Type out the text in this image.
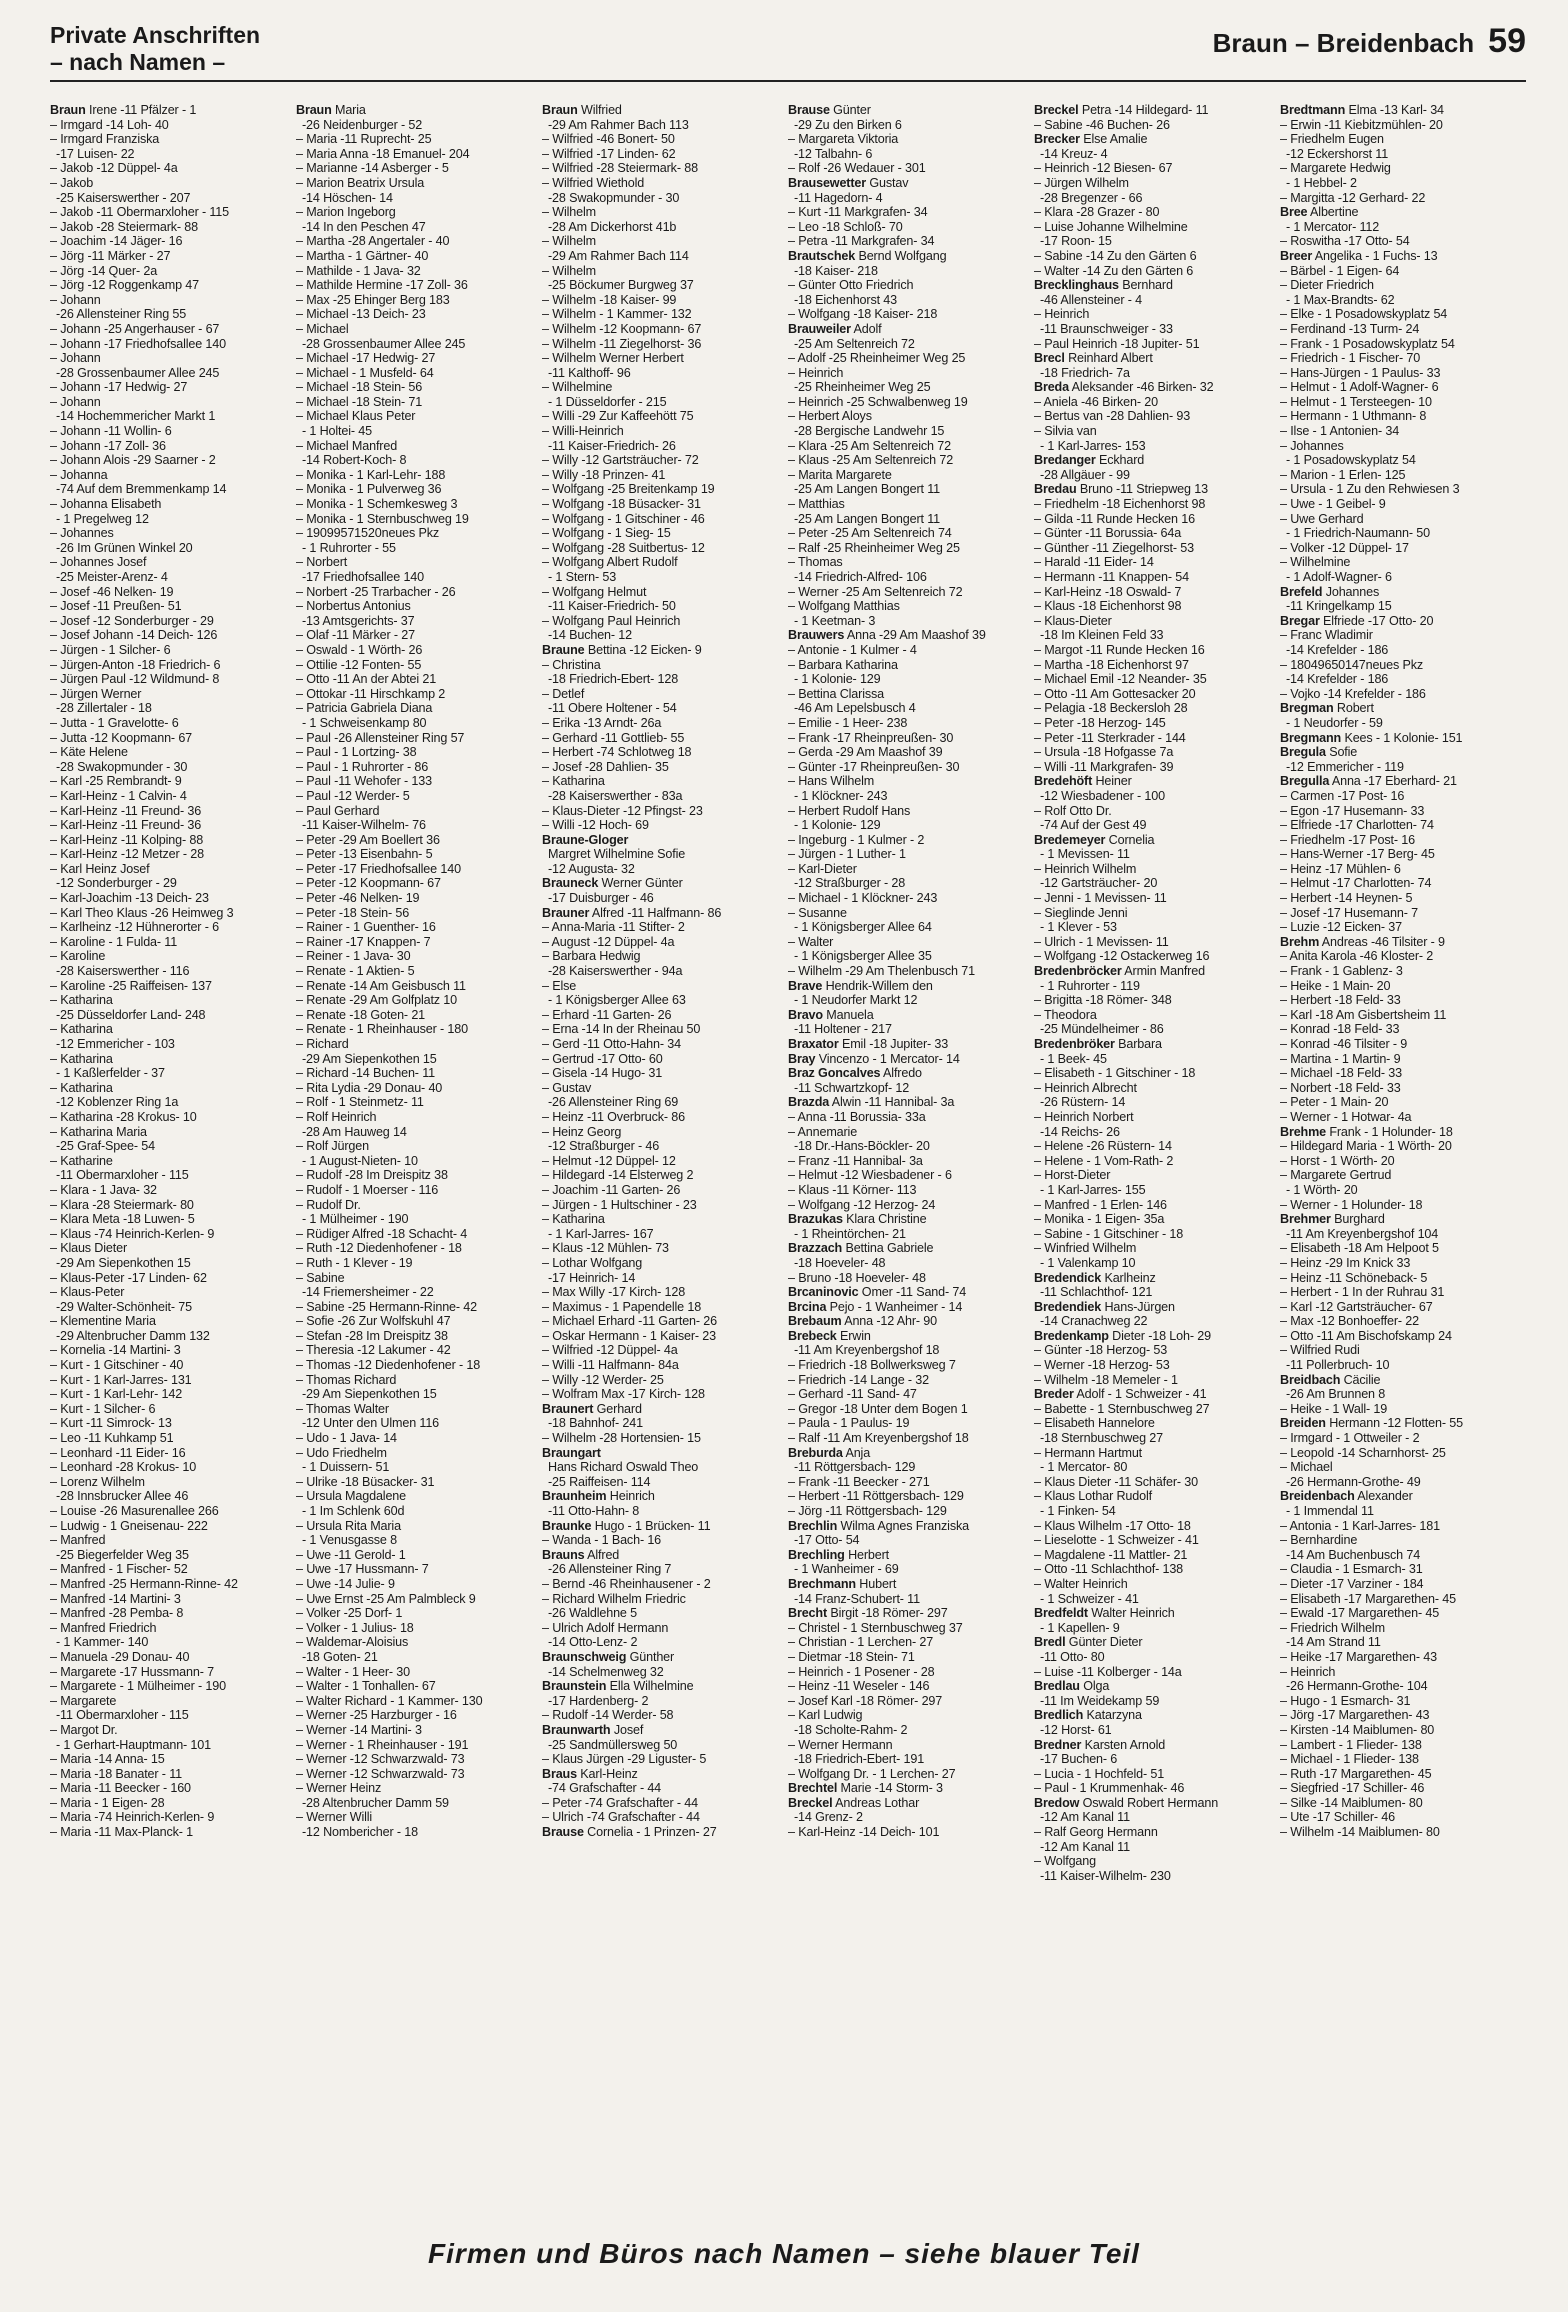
Private Anschriften
– nach Namen –
Braun – Breidenbach 59
Braun Irene -11 Pfälzer - 1
– Irmgard -14 Loh- 40
– Irmgard Franziska
-17 Luisen- 22
– Jakob -12 Düppel- 4a
– Jakob
-25 Kaiserswerther - 207
– Jakob -11 Obermarxloher - 115
– Jakob -28 Steiermark- 88
– Joachim -14 Jäger- 16
– Jörg -11 Märker - 27
– Jörg -14 Quer- 2a
– Jörg -12 Roggenkamp 47
– Johann
-26 Allensteiner Ring 55
– Johann -25 Angerhauser - 67
– Johann -17 Friedhofsallee 140
– Johann
-28 Grossenbaumer Allee 245
– Johann -17 Hedwig- 27
– Johann
-14 Hochemmericher Markt 1
– Johann -11 Wollin- 6
– Johann -17 Zoll- 36
– Johann Alois -29 Saarner - 2
– Johanna
-74 Auf dem Bremmenkamp 14
– Johanna Elisabeth
- 1 Pregelweg 12
– Johannes
-26 Im Grünen Winkel 20
– Johannes Josef
-25 Meister-Arenz- 4
– Josef -46 Nelken- 19
– Josef -11 Preußen- 51
– Josef -12 Sonderburger - 29
– Josef Johann -14 Deich- 126
– Jürgen - 1 Silcher- 6
– Jürgen-Anton -18 Friedrich- 6
– Jürgen Paul -12 Wildmund- 8
– Jürgen Werner
-28 Zillertaler - 18
– Jutta - 1 Gravelotte- 6
– Jutta -12 Koopmann- 67
– Käte Helene
-28 Swakopmunder - 30
– Karl -25 Rembrandt- 9
– Karl-Heinz - 1 Calvin- 4
– Karl-Heinz -11 Freund- 36
– Karl-Heinz -11 Freund- 36
– Karl-Heinz -11 Kolping- 88
– Karl-Heinz -12 Metzer - 28
– Karl Heinz Josef
-12 Sonderburger - 29
– Karl-Joachim -13 Deich- 23
– Karl Theo Klaus -26 Heimweg 3
– Karlheinz -12 Hühnerorter - 6
– Karoline - 1 Fulda- 11
– Karoline
-28 Kaiserswerther - 116
– Karoline -25 Raiffeisen- 137
– Katharina
-25 Düsseldorfer Land- 248
– Katharina
-12 Emmericher - 103
– Katharina
- 1 Kaßlerfelder - 37
– Katharina
-12 Koblenzer Ring 1a
– Katharina -28 Krokus- 10
– Katharina Maria
-25 Graf-Spee- 54
– Katharine
-11 Obermarxloher - 115
– Klara - 1 Java- 32
– Klara -28 Steiermark- 80
– Klara Meta -18 Luwen- 5
– Klaus -74 Heinrich-Kerlen- 9
– Klaus Dieter
-29 Am Siepenkothen 15
– Klaus-Peter -17 Linden- 62
– Klaus-Peter
-29 Walter-Schönheit- 75
– Klementine Maria
-29 Altenbrucher Damm 132
– Kornelia -14 Martini- 3
– Kurt - 1 Gitschiner - 40
– Kurt - 1 Karl-Jarres- 131
– Kurt - 1 Karl-Lehr- 142
– Kurt - 1 Silcher- 6
– Kurt -11 Simrock- 13
– Leo -11 Kuhkamp 51
– Leonhard -11 Eider- 16
– Leonhard -28 Krokus- 10
– Lorenz Wilhelm
-28 Innsbrucker Allee 46
– Louise -26 Masurenallee 266
– Ludwig - 1 Gneisenau- 222
– Manfred
-25 Biegerfelder Weg 35
– Manfred - 1 Fischer- 52
– Manfred -25 Hermann-Rinne- 42
– Manfred -14 Martini- 3
– Manfred -28 Pemba- 8
– Manfred Friedrich
- 1 Kammer- 140
– Manuela -29 Donau- 40
– Margarete -17 Hussmann- 7
– Margarete - 1 Mülheimer - 190
– Margarete
-11 Obermarxloher - 115
– Margot Dr.
- 1 Gerhart-Hauptmann- 101
– Maria -14 Anna- 15
– Maria -18 Banater - 11
– Maria -11 Beecker - 160
– Maria - 1 Eigen- 28
– Maria -74 Heinrich-Kerlen- 9
– Maria -11 Max-Planck- 1
Braun Maria
-26 Neidenburger - 52
– Maria -11 Ruprecht- 25
– Maria Anna -18 Emanuel- 204
– Marianne -14 Asberger - 5
– Marion Beatrix Ursula
-14 Höschen- 14
– Marion Ingeborg
-14 In den Peschen 47
– Martha -28 Angertaler - 40
– Martha - 1 Gärtner- 40
– Mathilde - 1 Java- 32
– Mathilde Hermine -17 Zoll- 36
– Max -25 Ehinger Berg 183
– Michael -13 Deich- 23
– Michael
-28 Grossenbaumer Allee 245
– Michael -17 Hedwig- 27
– Michael - 1 Musfeld- 64
– Michael -18 Stein- 56
– Michael -18 Stein- 71
– Michael Klaus Peter
- 1 Holtei- 45
– Michael Manfred
-14 Robert-Koch- 8
– Monika - 1 Karl-Lehr- 188
– Monika - 1 Pulverweg 36
– Monika - 1 Schemkesweg 3
– Monika - 1 Sternbuschweg 19
– 19099571520neues Pkz
- 1 Ruhrorter - 55
– Norbert
-17 Friedhofsallee 140
– Norbert -25 Trarbacher - 26
– Norbertus Antonius
-13 Amtsgerichts- 37
– Olaf -11 Märker - 27
– Oswald - 1 Wörth- 26
– Ottilie -12 Fonten- 55
– Otto -11 An der Abtei 21
– Ottokar -11 Hirschkamp 2
– Patricia Gabriela Diana
- 1 Schweisenkamp 80
– Paul -26 Allensteiner Ring 57
– Paul - 1 Lortzing- 38
– Paul - 1 Ruhrorter - 86
– Paul -11 Wehofer - 133
– Paul -12 Werder- 5
– Paul Gerhard
-11 Kaiser-Wilhelm- 76
– Peter -29 Am Boellert 36
– Peter -13 Eisenbahn- 5
– Peter -17 Friedhofsallee 140
– Peter -12 Koopmann- 67
– Peter -46 Nelken- 19
– Peter -18 Stein- 56
– Rainer - 1 Guenther- 16
– Rainer -17 Knappen- 7
– Reiner - 1 Java- 30
– Renate - 1 Aktien- 5
– Renate -14 Am Geisbusch 11
– Renate -29 Am Golfplatz 10
– Renate -18 Goten- 21
– Renate - 1 Rheinhauser - 180
– Richard
-29 Am Siepenkothen 15
– Richard -14 Buchen- 11
– Rita Lydia -29 Donau- 40
– Rolf - 1 Steinmetz- 11
– Rolf Heinrich
-28 Am Hauweg 14
– Rolf Jürgen
- 1 August-Nieten- 10
– Rudolf -28 Im Dreispitz 38
– Rudolf - 1 Moerser - 116
– Rudolf Dr.
- 1 Mülheimer - 190
– Rüdiger Alfred -18 Schacht- 4
– Ruth -12 Diedenhofener - 18
– Ruth - 1 Klever - 19
– Sabine
-14 Friemersheimer - 22
– Sabine -25 Hermann-Rinne- 42
– Sofie -26 Zur Wolfskuhl 47
– Stefan -28 Im Dreispitz 38
– Theresia -12 Lakumer - 42
– Thomas -12 Diedenhofener - 18
– Thomas Richard
-29 Am Siepenkothen 15
– Thomas Walter
-12 Unter den Ulmen 116
– Udo - 1 Java- 14
– Udo Friedhelm
- 1 Duissern- 51
– Ulrike -18 Büsacker- 31
– Ursula Magdalene
- 1 Im Schlenk 60d
– Ursula Rita Maria
- 1 Venusgasse 8
– Uwe -11 Gerold- 1
– Uwe -17 Hussmann- 7
– Uwe -14 Julie- 9
– Uwe Ernst -25 Am Palmbleck 9
– Volker -25 Dorf- 1
– Volker - 1 Julius- 18
– Waldemar-Aloisius
-18 Goten- 21
– Walter - 1 Heer- 30
– Walter - 1 Tonhallen- 67
– Walter Richard - 1 Kammer- 130
– Werner -25 Harzburger - 16
– Werner -14 Martini- 3
– Werner - 1 Rheinhauser - 191
– Werner -12 Schwarzwald- 73
– Werner -12 Schwarzwald- 73
– Werner Heinz
-28 Altenbrucher Damm 59
– Werner Willi
-12 Nombericher - 18
Braun Wilfried
-29 Am Rahmer Bach 113
– Wilfried -46 Bonert- 50
– Wilfried -17 Linden- 62
– Wilfried -28 Steiermark- 88
– Wilfried Wiethold
-28 Swakopmunder - 30
– Wilhelm
-28 Am Dickerhorst 41b
– Wilhelm
-29 Am Rahmer Bach 114
– Wilhelm
-25 Böckumer Burgweg 37
– Wilhelm -18 Kaiser- 99
– Wilhelm - 1 Kammer- 132
– Wilhelm -12 Koopmann- 67
– Wilhelm -11 Ziegelhorst- 36
– Wilhelm Werner Herbert
-11 Kalthoff- 96
– Wilhelmine
- 1 Düsseldorfer - 215
– Willi -29 Zur Kaffeehött 75
– Willi-Heinrich
-11 Kaiser-Friedrich- 26
– Willy -12 Gartsträucher- 72
– Willy -18 Prinzen- 41
– Wolfgang -25 Breitenkamp 19
– Wolfgang -18 Büsacker- 31
– Wolfgang - 1 Gitschiner - 46
– Wolfgang - 1 Sieg- 15
– Wolfgang -28 Suitbertus- 12
– Wolfgang Albert Rudolf
- 1 Stern- 53
– Wolfgang Helmut
-11 Kaiser-Friedrich- 50
– Wolfgang Paul Heinrich
-14 Buchen- 12
Braune Bettina -12 Eicken- 9
– Christina
-18 Friedrich-Ebert- 128
– Detlef
-11 Obere Holtener - 54
– Erika -13 Arndt- 26a
– Gerhard -11 Gottlieb- 55
– Herbert -74 Schlotweg 18
– Josef -28 Dahlien- 35
– Katharina
-28 Kaiserswerther - 83a
– Klaus-Dieter -12 Pfingst- 23
– Willi -12 Hoch- 69
Braune-Gloger
Margret Wilhelmine Sofie
-12 Augusta- 32
Brauneck Werner Günter
-17 Duisburger - 46
Brauner Alfred -11 Halfmann- 86
– Anna-Maria -11 Stifter- 2
– August -12 Düppel- 4a
– Barbara Hedwig
-28 Kaiserswerther - 94a
– Else
- 1 Königsberger Allee 63
– Erhard -11 Garten- 26
– Erna -14 In der Rheinau 50
– Gerd -11 Otto-Hahn- 34
– Gertrud -17 Otto- 60
– Gisela -14 Hugo- 31
– Gustav
-26 Allensteiner Ring 69
– Heinz -11 Overbruck- 86
– Heinz Georg
-12 Straßburger - 46
– Helmut -12 Düppel- 12
– Hildegard -14 Elsterweg 2
– Joachim -11 Garten- 26
– Jürgen - 1 Hultschiner - 23
– Katharina
- 1 Karl-Jarres- 167
– Klaus -12 Mühlen- 73
– Lothar Wolfgang
-17 Heinrich- 14
– Max Willy -17 Kirch- 128
– Maximus - 1 Papendelle 18
– Michael Erhard -11 Garten- 26
– Oskar Hermann - 1 Kaiser- 23
– Wilfried -12 Düppel- 4a
– Willi -11 Halfmann- 84a
– Willy -12 Werder- 25
– Wolfram Max -17 Kirch- 128
Braunert Gerhard
-18 Bahnhof- 241
– Wilhelm -28 Hortensien- 15
Braungart
Hans Richard Oswald Theo
-25 Raiffeisen- 114
Braunheim Heinrich
-11 Otto-Hahn- 8
Braunke Hugo - 1 Brücken- 11
– Wanda - 1 Bach- 16
Brauns Alfred
-26 Allensteiner Ring 7
– Bernd -46 Rheinhausener - 2
– Richard Wilhelm Friedric
-26 Waldlehne 5
– Ulrich Adolf Hermann
-14 Otto-Lenz- 2
Braunschweig Günther
-14 Schelmenweg 32
Braunstein Ella Wilhelmine
-17 Hardenberg- 2
– Rudolf -14 Werder- 58
Braunwarth Josef
-25 Sandmüllersweg 50
– Klaus Jürgen -29 Liguster- 5
Braus Karl-Heinz
-74 Grafschafter - 44
– Peter -74 Grafschafter - 44
– Ulrich -74 Grafschafter - 44
Brause Cornelia - 1 Prinzen- 27
Brause Günter
-29 Zu den Birken 6
– Margareta Viktoria
-12 Talbahn- 6
– Rolf -26 Wedauer - 301
Brausewetter Gustav
-11 Hagedorn- 4
– Kurt -11 Markgrafen- 34
– Leo -18 Schloß- 70
– Petra -11 Markgrafen- 34
Brautschek Bernd Wolfgang
-18 Kaiser- 218
– Günter Otto Friedrich
-18 Eichenhorst 43
– Wolfgang -18 Kaiser- 218
Brauweiler Adolf
-25 Am Seltenreich 72
– Adolf -25 Rheinheimer Weg 25
– Heinrich
-25 Rheinheimer Weg 25
– Heinrich -25 Schwalbenweg 19
– Herbert Aloys
-28 Bergische Landwehr 15
– Klara -25 Am Seltenreich 72
– Klaus -25 Am Seltenreich 72
– Marita Margarete
-25 Am Langen Bongert 11
– Matthias
-25 Am Langen Bongert 11
– Peter -25 Am Seltenreich 74
– Ralf -25 Rheinheimer Weg 25
– Thomas
-14 Friedrich-Alfred- 106
– Werner -25 Am Seltenreich 72
– Wolfgang Matthias
- 1 Keetman- 3
Brauwers Anna -29 Am Maashof 39
– Antonie - 1 Kulmer - 4
– Barbara Katharina
- 1 Kolonie- 129
– Bettina Clarissa
-46 Am Lepelsbusch 4
– Emilie - 1 Heer- 238
– Frank -17 Rheinpreußen- 30
– Gerda -29 Am Maashof 39
– Günter -17 Rheinpreußen- 30
– Hans Wilhelm
- 1 Klöckner- 243
– Herbert Rudolf Hans
- 1 Kolonie- 129
– Ingeburg - 1 Kulmer - 2
– Jürgen - 1 Luther- 1
– Karl-Dieter
-12 Straßburger - 28
– Michael - 1 Klöckner- 243
– Susanne
- 1 Königsberger Allee 64
– Walter
- 1 Königsberger Allee 35
– Wilhelm -29 Am Thelenbusch 71
Brave Hendrik-Willem den
- 1 Neudorfer Markt 12
Bravo Manuela
-11 Holtener - 217
Braxator Emil -18 Jupiter- 33
Bray Vincenzo - 1 Mercator- 14
Braz Goncalves Alfredo
-11 Schwartzkopf- 12
Brazda Alwin -11 Hannibal- 3a
– Anna -11 Borussia- 33a
– Annemarie
-18 Dr.-Hans-Böckler- 20
– Franz -11 Hannibal- 3a
– Helmut -12 Wiesbadener - 6
– Klaus -11 Körner- 113
– Wolfgang -12 Herzog- 24
Brazukas Klara Christine
- 1 Rheintörchen- 21
Brazzach Bettina Gabriele
-18 Hoeveler- 48
– Bruno -18 Hoeveler- 48
Brcaninovic Omer -11 Sand- 74
Brcina Pejo - 1 Wanheimer - 14
Brebaum Anna -12 Ahr- 90
Brebeck Erwin
-11 Am Kreyenbergshof 18
– Friedrich -18 Bollwerksweg 7
– Friedrich -14 Lange - 32
– Gerhard -11 Sand- 47
– Gregor -18 Unter dem Bogen 1
– Paula - 1 Paulus- 19
– Ralf -11 Am Kreyenbergshof 18
Breburda Anja
-11 Röttgersbach- 129
– Frank -11 Beecker - 271
– Herbert -11 Röttgersbach- 129
– Jörg -11 Röttgersbach- 129
Brechlin Wilma Agnes Franziska
-17 Otto- 54
Brechling Herbert
- 1 Wanheimer - 69
Brechmann Hubert
-14 Franz-Schubert- 11
Brecht Birgit -18 Römer- 297
– Christel - 1 Sternbuschweg 37
– Christian - 1 Lerchen- 27
– Dietmar -18 Stein- 71
– Heinrich - 1 Posener - 28
– Heinz -11 Weseler - 146
– Josef Karl -18 Römer- 297
– Karl Ludwig
-18 Scholte-Rahm- 2
– Werner Hermann
-18 Friedrich-Ebert- 191
– Wolfgang Dr. - 1 Lerchen- 27
Brechtel Marie -14 Storm- 3
Breckel Andreas Lothar
-14 Grenz- 2
– Karl-Heinz -14 Deich- 101
Breckel Petra -14 Hildegard- 11
– Sabine -46 Buchen- 26
Brecker Else Amalie
-14 Kreuz- 4
– Heinrich -12 Biesen- 67
– Jürgen Wilhelm
-28 Bregenzer - 66
– Klara -28 Grazer - 80
– Luise Johanne Wilhelmine
-17 Roon- 15
– Sabine -14 Zu den Gärten 6
– Walter -14 Zu den Gärten 6
Brecklinghaus Bernhard
-46 Allensteiner - 4
– Heinrich
-11 Braunschweiger - 33
– Paul Heinrich -18 Jupiter- 51
Brecl Reinhard Albert
-18 Friedrich- 7a
Breda Aleksander -46 Birken- 32
– Aniela -46 Birken- 20
– Bertus van -28 Dahlien- 93
– Silvia van
- 1 Karl-Jarres- 153
Bredanger Eckhard
-28 Allgäuer - 99
Bredau Bruno -11 Striepweg 13
– Friedhelm -18 Eichenhorst 98
– Gilda -11 Runde Hecken 16
– Günter -11 Borussia- 64a
– Günther -11 Ziegelhorst- 53
– Harald -11 Eider- 14
– Hermann -11 Knappen- 54
– Karl-Heinz -18 Oswald- 7
– Klaus -18 Eichenhorst 98
– Klaus-Dieter
-18 Im Kleinen Feld 33
– Margot -11 Runde Hecken 16
– Martha -18 Eichenhorst 97
– Michael Emil -12 Neander- 35
– Otto -11 Am Gottesacker 20
– Pelagia -18 Beckersloh 28
– Peter -18 Herzog- 145
– Peter -11 Sterkrader - 144
– Ursula -18 Hofgasse 7a
– Willi -11 Markgrafen- 39
Bredehöft Heiner
-12 Wiesbadener - 100
– Rolf Otto Dr.
-74 Auf der Gest 49
Bredemeyer Cornelia
- 1 Mevissen- 11
– Heinrich Wilhelm
-12 Gartsträucher- 20
– Jenni - 1 Mevissen- 11
– Sieglinde Jenni
- 1 Klever - 53
– Ulrich - 1 Mevissen- 11
– Wolfgang -12 Ostackerweg 16
Bredenbröcker Armin Manfred
- 1 Ruhrorter - 119
– Brigitta -18 Römer- 348
– Theodora
-25 Mündelheimer - 86
Bredenbröker Barbara
- 1 Beek- 45
– Elisabeth - 1 Gitschiner - 18
– Heinrich Albrecht
-26 Rüstern- 14
– Heinrich Norbert
-14 Reichs- 26
– Helene -26 Rüstern- 14
– Helene - 1 Vom-Rath- 2
– Horst-Dieter
- 1 Karl-Jarres- 155
– Manfred - 1 Erlen- 146
– Monika - 1 Eigen- 35a
– Sabine - 1 Gitschiner - 18
– Winfried Wilhelm
- 1 Valenkamp 10
Bredendick Karlheinz
-11 Schlachthof- 121
Bredendiek Hans-Jürgen
-14 Cranachweg 22
Bredenkamp Dieter -18 Loh- 29
– Günter -18 Herzog- 53
– Werner -18 Herzog- 53
– Wilhelm -18 Memeler - 1
Breder Adolf - 1 Schweizer - 41
– Babette - 1 Sternbuschweg 27
– Elisabeth Hannelore
-18 Sternbuschweg 27
– Hermann Hartmut
- 1 Mercator- 80
– Klaus Dieter -11 Schäfer- 30
– Klaus Lothar Rudolf
- 1 Finken- 54
– Klaus Wilhelm -17 Otto- 18
– Lieselotte - 1 Schweizer - 41
– Magdalene -11 Mattler- 21
– Otto -11 Schlachthof- 138
– Walter Heinrich
- 1 Schweizer - 41
Bredfeldt Walter Heinrich
- 1 Kapellen- 9
Bredl Günter Dieter
-11 Otto- 80
– Luise -11 Kolberger - 14a
Bredlau Olga
-11 Im Weidekamp 59
Bredlich Katarzyna
-12 Horst- 61
Bredner Karsten Arnold
-17 Buchen- 6
– Lucia - 1 Hochfeld- 51
– Paul - 1 Krummenhak- 46
Bredow Oswald Robert Hermann
-12 Am Kanal 11
– Ralf Georg Hermann
-12 Am Kanal 11
– Wolfgang
-11 Kaiser-Wilhelm- 230
Bredtmann Elma -13 Karl- 34
– Erwin -11 Kiebitzmühlen- 20
– Friedhelm Eugen
-12 Eckershorst 11
– Margarete Hedwig
- 1 Hebbel- 2
– Margitta -12 Gerhard- 22
Bree Albertine
- 1 Mercator- 112
– Roswitha -17 Otto- 54
Breer Angelika - 1 Fuchs- 13
– Bärbel - 1 Eigen- 64
– Dieter Friedrich
- 1 Max-Brandts- 62
– Elke - 1 Posadowskyplatz 54
– Ferdinand -13 Turm- 24
– Frank - 1 Posadowskyplatz 54
– Friedrich - 1 Fischer- 70
– Hans-Jürgen - 1 Paulus- 33
– Helmut - 1 Adolf-Wagner- 6
– Helmut - 1 Tersteegen- 10
– Hermann - 1 Uthmann- 8
– Ilse - 1 Antonien- 34
– Johannes
- 1 Posadowskyplatz 54
– Marion - 1 Erlen- 125
– Ursula - 1 Zu den Rehwiesen 3
– Uwe - 1 Geibel- 9
– Uwe Gerhard
- 1 Friedrich-Naumann- 50
– Volker -12 Düppel- 17
– Wilhelmine
- 1 Adolf-Wagner- 6
Brefeld Johannes
-11 Kringelkamp 15
Bregar Elfriede -17 Otto- 20
– Franc Wladimir
-14 Krefelder - 186
– 18049650147neues Pkz
-14 Krefelder - 186
– Vojko -14 Krefelder - 186
Bregman Robert
- 1 Neudorfer - 59
Bregmann Kees - 1 Kolonie- 151
Bregula Sofie
-12 Emmericher - 119
Bregulla Anna -17 Eberhard- 21
– Carmen -17 Post- 16
– Egon -17 Husemann- 33
– Elfriede -17 Charlotten- 74
– Friedhelm -17 Post- 16
– Hans-Werner -17 Berg- 45
– Heinz -17 Mühlen- 6
– Helmut -17 Charlotten- 74
– Herbert -14 Heynen- 5
– Josef -17 Husemann- 7
– Luzie -12 Eicken- 37
Brehm Andreas -46 Tilsiter - 9
– Anita Karola -46 Kloster- 2
– Frank - 1 Gablenz- 3
– Heike - 1 Main- 20
– Herbert -18 Feld- 33
– Karl -18 Am Gisbertsheim 11
– Konrad -18 Feld- 33
– Konrad -46 Tilsiter - 9
– Martina - 1 Martin- 9
– Michael -18 Feld- 33
– Norbert -18 Feld- 33
– Peter - 1 Main- 20
– Werner - 1 Hotwar- 4a
Brehme Frank - 1 Holunder- 18
– Hildegard Maria - 1 Wörth- 20
– Horst - 1 Wörth- 20
– Margarete Gertrud
- 1 Wörth- 20
– Werner - 1 Holunder- 18
Brehmer Burghard
-11 Am Kreyenbergshof 104
– Elisabeth -18 Am Helpoot 5
– Heinz -29 Im Knick 33
– Heinz -11 Schöneback- 5
– Herbert - 1 In der Ruhrau 31
– Karl -12 Gartsträucher- 67
– Max -12 Bonhoeffer- 22
– Otto -11 Am Bischofskamp 24
– Wilfried Rudi
-11 Pollerbruch- 10
Breidbach Cäcilie
-26 Am Brunnen 8
– Heike - 1 Wall- 19
Breiden Hermann -12 Flotten- 55
– Irmgard - 1 Ottweiler - 2
– Leopold -14 Scharnhorst- 25
– Michael
-26 Hermann-Grothe- 49
Breidenbach Alexander
- 1 Immendal 11
– Antonia - 1 Karl-Jarres- 181
– Bernhardine
-14 Am Buchenbusch 74
– Claudia - 1 Esmarch- 31
– Dieter -17 Varziner - 184
– Elisabeth -17 Margarethen- 45
– Ewald -17 Margarethen- 45
– Friedrich Wilhelm
-14 Am Strand 11
– Heike -17 Margarethen- 43
– Heinrich
-26 Hermann-Grothe- 104
– Hugo - 1 Esmarch- 31
– Jörg -17 Margarethen- 43
– Kirsten -14 Maiblumen- 80
– Lambert - 1 Flieder- 138
– Michael - 1 Flieder- 138
– Ruth -17 Margarethen- 45
– Siegfried -17 Schiller- 46
– Silke -14 Maiblumen- 80
– Ute -17 Schiller- 46
– Wilhelm -14 Maiblumen- 80
Firmen und Büros nach Namen – siehe blauer Teil
